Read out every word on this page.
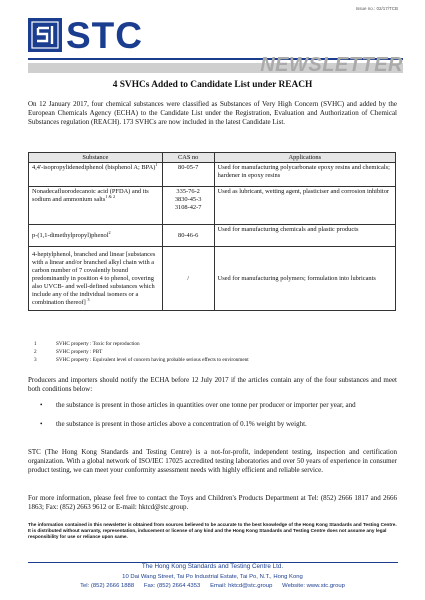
Issue no.: 02/17/TCB
STC
NEWSLETTER
4 SVHCs Added to Candidate List under REACH

On 12 January 2017, four chemical substances were classified as Substances of Very High Concern (SVHC) and added by the European Chemicals Agency (ECHA) to the Candidate List under the Registration, Evaluation and Authorization of Chemical Substances regulation (REACH). 173 SVHCs are now included in the latest Candidate List.

Substance	CAS no	Applications
4,4'-isopropylidenediphenol (bisphenol A; BPA)$^1$	80-05-7	Used for manufacturing polycarbonate epoxy resins and chemicals; hardener in epoxy resins
Nonadecafluorodecanoic acid (PFDA) and its sodium and ammonium salts$^{1 \& 2}$	335-76-2
3830-45-3
3108-42-7	Used as lubricant, wetting agent, plasticiser and corrosion inhibitor
p-(1,1-dimethylpropyl)phenol$^2$	80-46-6	Used for manufacturing chemicals and plastic products
4-heptylphenol, branched and linear [substances with a linear and/or branched alkyl chain with a carbon number of 7 covalently bound predominantly in position 4 to phenol, covering also UVCB- and well-defined substances which include any of the individual isomers or a combination thereof] $^3$	/	Used for manufacturing polymers; formulation into lubricants
1	SVHC property : Toxic for reproduction
2	SVHC property : PBT
3	SVHC property : Equivalent level of concern having probable serious effects to environment

Producers and importers should notify the ECHA before 12 July 2017 if the articles contain any of the four substances and meet both conditions below:

• the substance is present in those articles in quantities over one tonne per producer or importer per year, and
• the substance is present in those articles above a concentration of 0.1% weight by weight.

STC (The Hong Kong Standards and Testing Centre) is a not-for-profit, independent testing, inspection and certification organization. With a global network of ISO/IEC 17025 accredited testing laboratories and over 50 years of experience in consumer product testing, we can meet your conformity assessment needs with highly efficient and reliable service.

For more information, please feel free to contact the Toys and Children's Products Department at Tel: (852) 2666 1817 and 2666 1863; Fax: (852) 2663 9612 or E-mail: hktcd@stc.group.

The information contained in this newsletter is obtained from sources believed to be accurate to the best knowledge of the Hong Kong Standards and Testing Centre. It is distributed without warranty, representation, inducement or license of any kind and the Hong Kong Standards and Testing Centre does not assume any legal responsibility for use or reliance upon same.
The Hong Kong Standards and Testing Centre Ltd.
10 Dai Wang Street, Tai Po Industrial Estate, Tai Po, N.T., Hong Kong
Tel: (852) 2666 1888      Fax: (852) 2664 4353      Email: hktcd@stc.group      Website: www.stc.group
